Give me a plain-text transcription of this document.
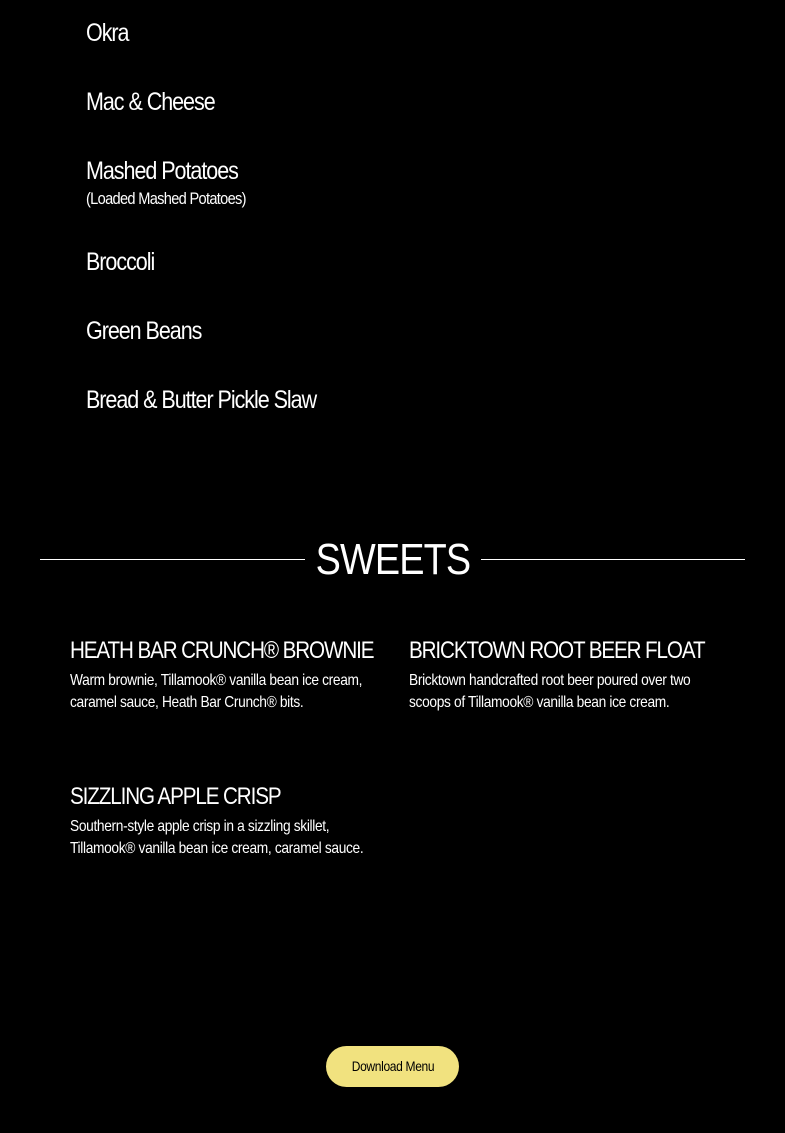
Okra
Mac & Cheese
Mashed Potatoes
(Loaded Mashed Potatoes)
Broccoli
Green Beans
Bread & Butter Pickle Slaw
SWEETS
HEATH BAR CRUNCH® BROWNIE
Warm brownie, Tillamook® vanilla bean ice cream, caramel sauce, Heath Bar Crunch® bits.
BRICKTOWN ROOT BEER FLOAT
Bricktown handcrafted root beer poured over two scoops of Tillamook® vanilla bean ice cream.
SIZZLING APPLE CRISP
Southern-style apple crisp in a sizzling skillet, Tillamook® vanilla bean ice cream, caramel sauce.
Download Menu
